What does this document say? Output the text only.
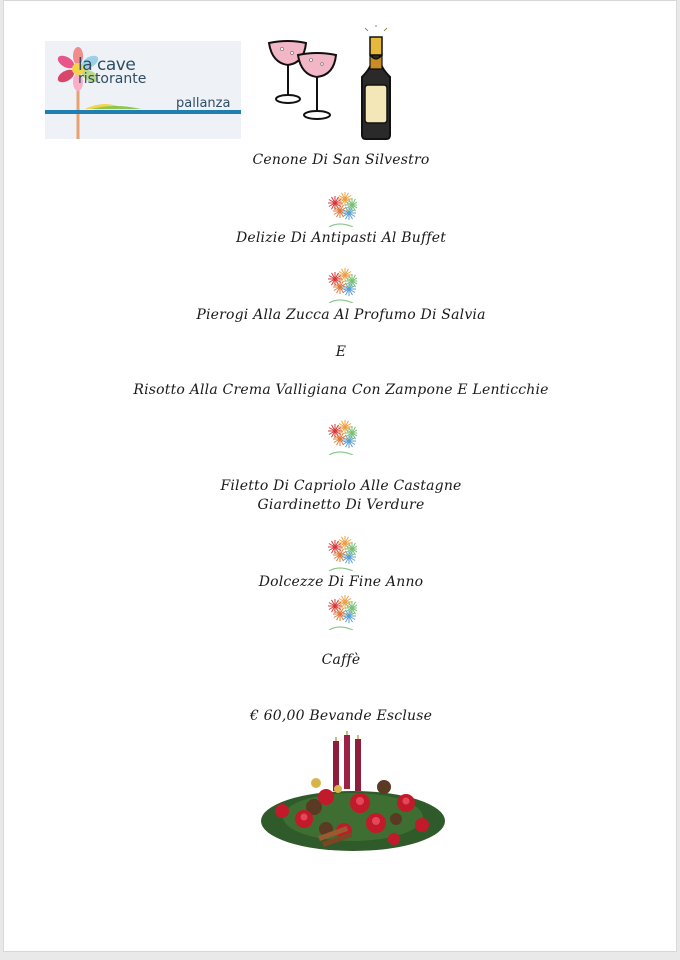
la cave
ristorante
pallanza
Cenone Di San Silvestro
Delizie Di Antipasti Al Buffet
Pierogi Alla Zucca Al Profumo Di Salvia
E
Risotto Alla Crema Valligiana Con Zampone E Lenticchie
Filetto Di Capriolo Alle Castagne
Giardinetto Di Verdure
Dolcezze Di Fine Anno
Caffè
€ 60,00 Bevande Escluse
